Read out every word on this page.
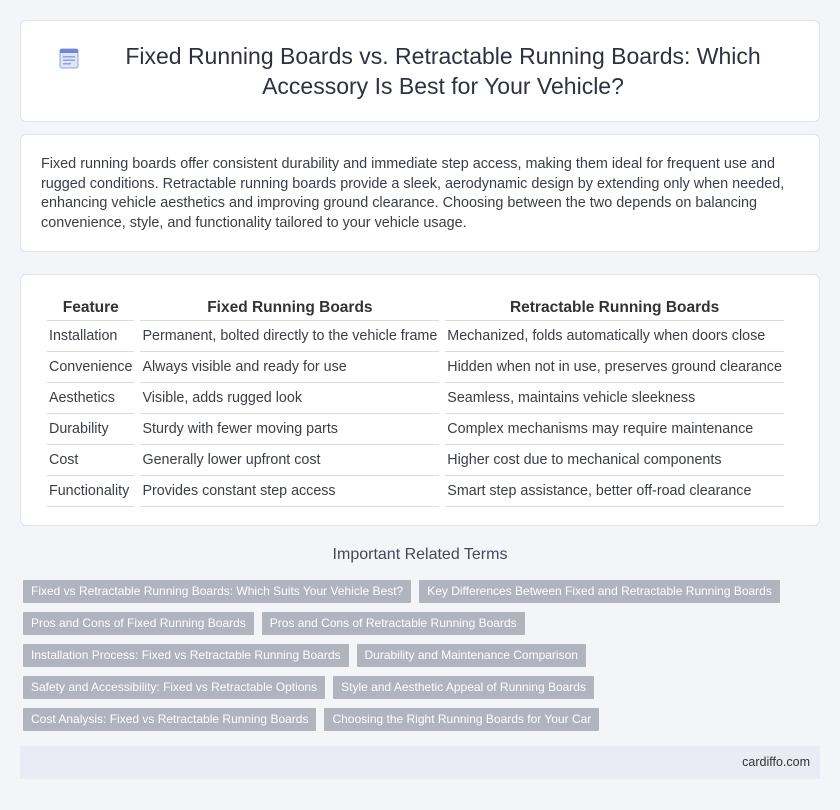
Fixed Running Boards vs. Retractable Running Boards: Which Accessory Is Best for Your Vehicle?

Fixed running boards offer consistent durability and immediate step access, making them ideal for frequent use and rugged conditions. Retractable running boards provide a sleek, aerodynamic design by extending only when needed, enhancing vehicle aesthetics and improving ground clearance. Choosing between the two depends on balancing convenience, style, and functionality tailored to your vehicle usage.

Feature	Fixed Running Boards	Retractable Running Boards
Installation	Permanent, bolted directly to the vehicle frame	Mechanized, folds automatically when doors close
Convenience	Always visible and ready for use	Hidden when not in use, preserves ground clearance
Aesthetics	Visible, adds rugged look	Seamless, maintains vehicle sleekness
Durability	Sturdy with fewer moving parts	Complex mechanisms may require maintenance
Cost	Generally lower upfront cost	Higher cost due to mechanical components
Functionality	Provides constant step access	Smart step assistance, better off-road clearance
Important Related Terms
Fixed vs Retractable Running Boards: Which Suits Your Vehicle Best?	Key Differences Between Fixed and Retractable Running Boards
Pros and Cons of Fixed Running Boards	Pros and Cons of Retractable Running Boards
Installation Process: Fixed vs Retractable Running Boards	Durability and Maintenance Comparison
Safety and Accessibility: Fixed vs Retractable Options	Style and Aesthetic Appeal of Running Boards
Cost Analysis: Fixed vs Retractable Running Boards	Choosing the Right Running Boards for Your Car
cardiffo.com
